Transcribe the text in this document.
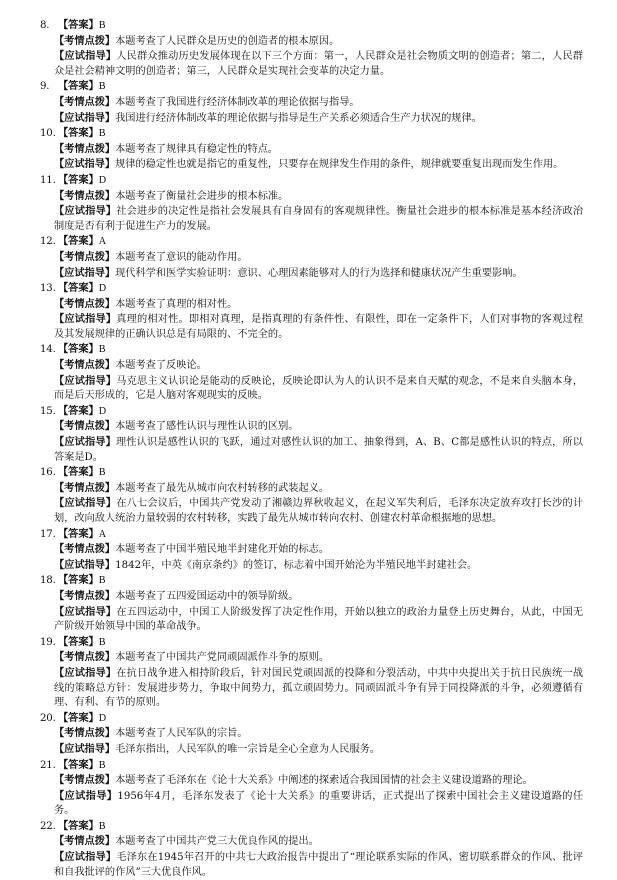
8. 【答案】 B
【考情点拨】本题考查了人民群众是历史的创造者的根本原因。
【应试指导】人民群众推动历史发展体现在以下三个方面：第一，人民群众是社会物质文明的创造者；第二，人民群众是社会精神文明的创造者；第三，人民群众是实现社会变革的决定力量。
9. 【答案】 B
【考情点拨】本题考查了我国进行经济体制改革的理论依据与指导。
【应试指导】我国进行经济体制改革的理论依据与指导是生产关系必须适合生产力状况的规律。
10. 【答案】 B
【考情点拨】本题考查了规律具有稳定性的特点。
【应试指导】规律的稳定性也就是指它的重复性，只要存在规律发生作用的条件，规律就要重复出现而发生作用。
11. 【答案】 D
【考情点拨】本题考查了衡量社会进步的根本标准。
【应试指导】社会进步的决定性是指社会发展具有自身固有的客观规律性。衡量社会进步的根本标准是基本经济政治制度是否有利于促进生产力的发展。
12. 【答案】 A
【考情点拨】本题考查了意识的能动作用。
【应试指导】现代科学和医学实验证明：意识、心理因素能够对人的行为选择和健康状况产生重要影响。
13. 【答案】 D
【考情点拨】本题考查了真理的相对性。
【应试指导】真理的相对性。即相对真理，是指真理的有条件性、有限性，即在一定条件下，人们对事物的客观过程及其发展规律的正确认识总是有局限的、不完全的。
14. 【答案】 B
【考情点拨】本题考查了反映论。
【应试指导】马克思主义认识论是能动的反映论，反映论即认为人的认识不是来自天赋的观念，不是来自头脑本身，而是后天形成的，它是人脑对客观现实的反映。
15. 【答案】 D
【考情点拨】本题考查了感性认识与理性认识的区别。
【应试指导】理性认识是感性认识的飞跃，通过对感性认识的加工、抽象得到，A、B、C都是感性认识的特点，所以答案是D。
16. 【答案】 B
【考情点拨】本题考查了最先从城市向农村转移的武装起义。
【应试指导】在八七会议后，中国共产党发动了湘赣边界秋收起义，在起义军失利后，毛泽东决定放弃攻打长沙的计划，改向敌人统治力量较弱的农村转移，实践了最先从城市转向农村、创建农村革命根据地的思想。
17. 【答案】 A
【考情点拨】本题考查了中国半殖民地半封建化开始的标志。
【应试指导】1842年，中英《南京条约》的签订，标志着中国开始沦为半殖民地半封建社会。
18. 【答案】 B
【考情点拨】本题考查了五四爱国运动中的领导阶级。
【应试指导】在五四运动中，中国工人阶级发挥了决定性作用，开始以独立的政治力量登上历史舞台，从此，中国无产阶级开始领导中国的革命战争。
19. 【答案】 B
【考情点拨】本题考查了中国共产党同顽固派作斗争的原则。
【应试指导】在抗日战争进入相持阶段后，针对国民党顽固派的投降和分裂活动，中共中央提出关于抗日民族统一战线的策略总方针：发展进步势力，争取中间势力，孤立顽固势力。同顽固派斗争有异于同投降派的斗争，必须遵循有理、有利、有节的原则。
20. 【答案】 D
【考情点拨】本题考查了人民军队的宗旨。
【应试指导】毛泽东指出，人民军队的唯一宗旨是全心全意为人民服务。
21. 【答案】 B
【考情点拨】本题考查了毛泽东在《论十大关系》中阐述的探索适合我国国情的社会主义建设道路的理论。
【应试指导】1956年4月，毛泽东发表了《论十大关系》的重要讲话，正式提出了探索中国社会主义建设道路的任务。
22. 【答案】 B
【考情点拨】本题考查了中国共产党三大优良作风的提出。
【应试指导】毛泽东在1945年召开的中共七大政治报告中提出了“理论联系实际的作风、密切联系群众的作风、批评和自我批评的作风”三大优良作风。
